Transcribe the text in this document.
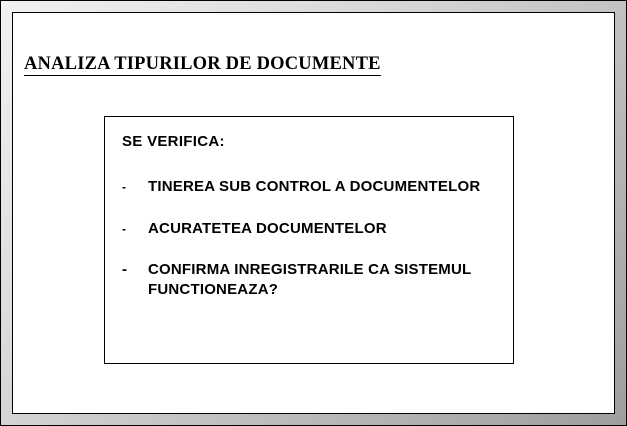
ANALIZA TIPURILOR DE DOCUMENTE
SE VERIFICA:
-	TINEREA SUB CONTROL A DOCUMENTELOR
-	ACURATETEA DOCUMENTELOR
-	CONFIRMA INREGISTRARILE CA SISTEMUL FUNCTIONEAZA?
